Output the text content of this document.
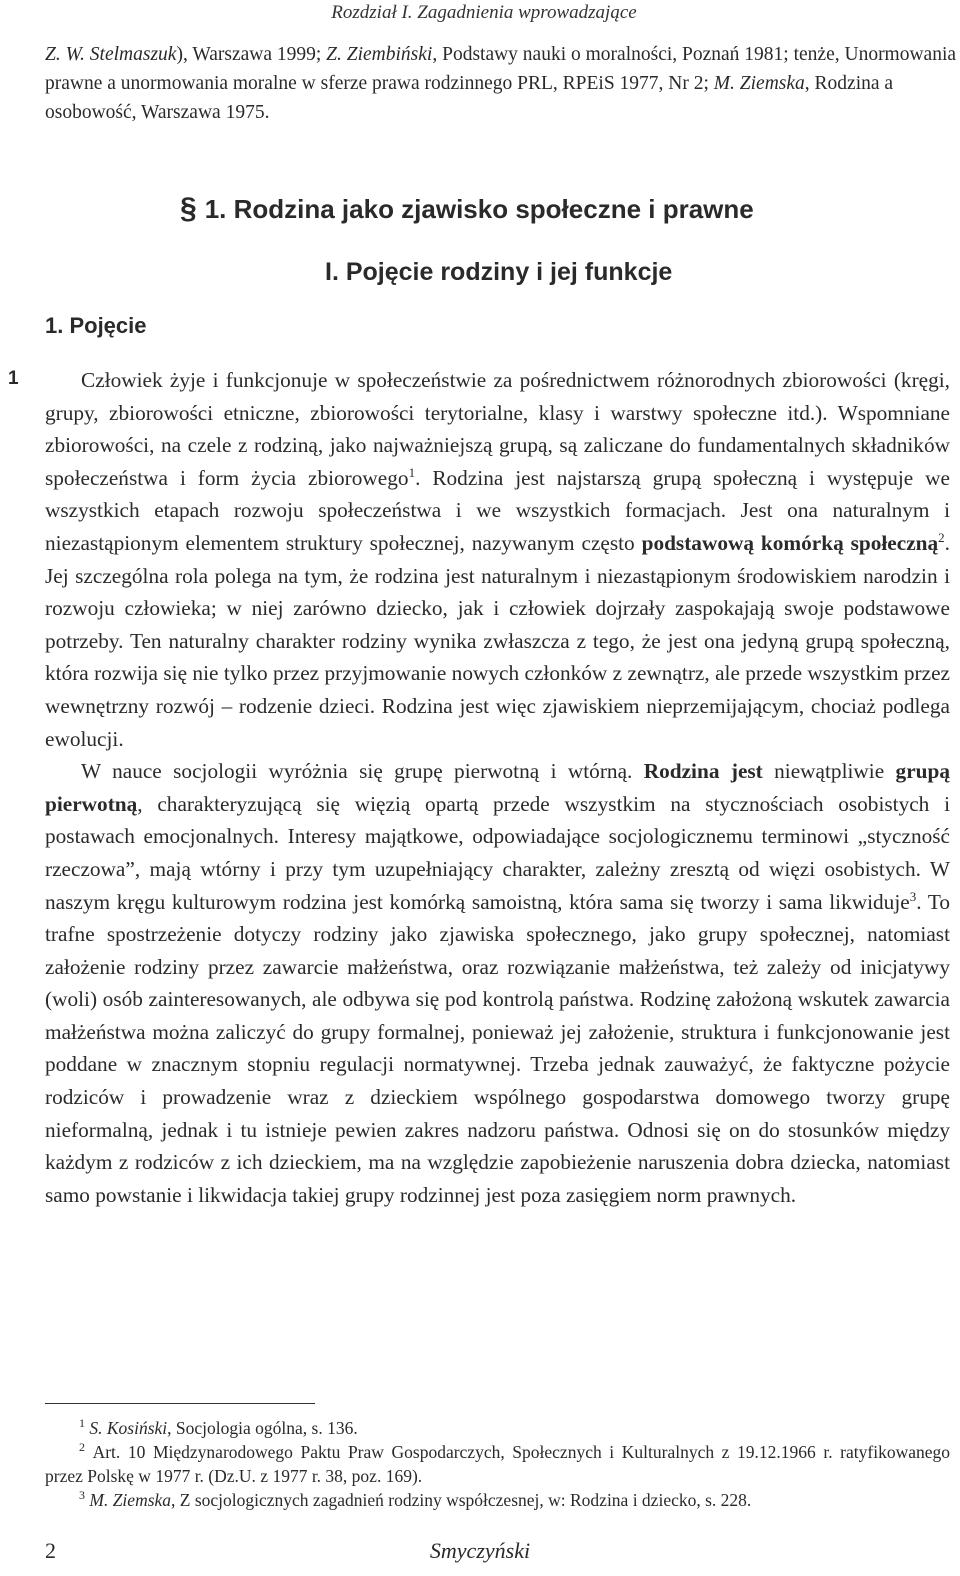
Rozdział I. Zagadnienia wprowadzające
Z. W. Stelmaszuk), Warszawa 1999; Z. Ziembiński, Podstawy nauki o moralności, Poznań 1981; tenże, Unormowania prawne a unormowania moralne w sferze prawa rodzinnego PRL, RPEiS 1977, Nr 2; M. Ziemska, Rodzina a osobowość, Warszawa 1975.
§ 1. Rodzina jako zjawisko społeczne i prawne
I. Pojęcie rodziny i jej funkcje
1. Pojęcie
1	Człowiek żyje i funkcjonuje w społeczeństwie za pośrednictwem różnorodnych zbiorowości (kręgi, grupy, zbiorowości etniczne, zbiorowości terytorialne, klasy i warstwy społeczne itd.). Wspomniane zbiorowości, na czele z rodziną, jako najważniejszą grupą, są zaliczane do fundamentalnych składników społeczeństwa i form życia zbiorowego$^1$. Rodzina jest najstarszą grupą społeczną i występuje we wszystkich etapach rozwoju społeczeństwa i we wszystkich formacjach. Jest ona naturalnym i niezastąpionym elementem struktury społecznej, nazywanym często podstawową komórką społeczną$^2$. Jej szczególna rola polega na tym, że rodzina jest naturalnym i niezastąpionym środowiskiem narodzin i rozwoju człowieka; w niej zarówno dziecko, jak i człowiek dojrzały zaspokajają swoje podstawowe potrzeby. Ten naturalny charakter rodziny wynika zwłaszcza z tego, że jest ona jedyną grupą społeczną, która rozwija się nie tylko przez przyjmowanie nowych członków z zewnątrz, ale przede wszystkim przez wewnętrzny rozwój – rodzenie dzieci. Rodzina jest więc zjawiskiem nieprzemijającym, chociaż podlega ewolucji.

W nauce socjologii wyróżnia się grupę pierwotną i wtórną. Rodzina jest niewątpliwie grupą pierwotną, charakteryzującą się więzią opartą przede wszystkim na stycznościach osobistych i postawach emocjonalnych. Interesy majątkowe, odpowiadające socjologicznemu terminowi „styczność rzeczowa”, mają wtórny i przy tym uzupełniający charakter, zależny zresztą od więzi osobistych. W naszym kręgu kulturowym rodzina jest komórką samoistną, która sama się tworzy i sama likwiduje$^3$. To trafne spostrzeżenie dotyczy rodziny jako zjawiska społecznego, jako grupy społecznej, natomiast założenie rodziny przez zawarcie małżeństwa, oraz rozwiązanie małżeństwa, też zależy od inicjatywy (woli) osób zainteresowanych, ale odbywa się pod kontrolą państwa. Rodzinę założoną wskutek zawarcia małżeństwa można zaliczyć do grupy formalnej, ponieważ jej założenie, struktura i funkcjonowanie jest poddane w znacznym stopniu regulacji normatywnej. Trzeba jednak zauważyć, że faktyczne pożycie rodziców i prowadzenie wraz z dzieckiem wspólnego gospodarstwa domowego tworzy grupę nieformalną, jednak i tu istnieje pewien zakres nadzoru państwa. Odnosi się on do stosunków między każdym z rodziców z ich dzieckiem, ma na względzie zapobieżenie naruszenia dobra dziecka, natomiast samo powstanie i likwidacja takiej grupy rodzinnej jest poza zasięgiem norm prawnych.

$^1$ S. Kosiński, Socjologia ogólna, s. 136.

$^2$ Art. 10 Międzynarodowego Paktu Praw Gospodarczych, Społecznych i Kulturalnych z 19.12.1966 r. ratyfikowanego przez Polskę w 1977 r. (Dz.U. z 1977 r. 38, poz. 169).

$^3$ M. Ziemska, Z socjologicznych zagadnień rodziny współczesnej, w: Rodzina i dziecko, s. 228.

2	Smyczyński
